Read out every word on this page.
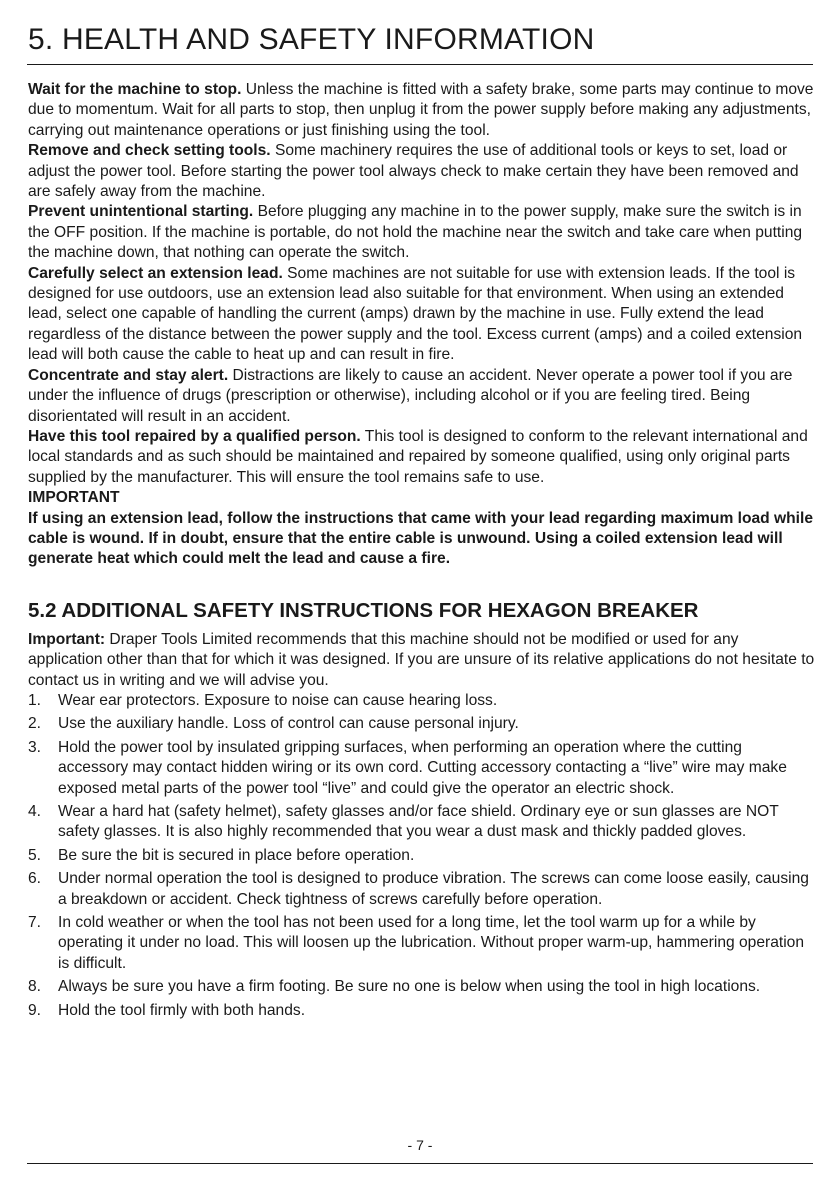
5. HEALTH AND SAFETY INFORMATION

Wait for the machine to stop. Unless the machine is fitted with a safety brake, some parts may continue to move due to momentum. Wait for all parts to stop, then unplug it from the power supply before making any adjustments, carrying out maintenance operations or just finishing using the tool.

Remove and check setting tools. Some machinery requires the use of additional tools or keys to set, load or adjust the power tool. Before starting the power tool always check to make certain they have been removed and are safely away from the machine.

Prevent unintentional starting. Before plugging any machine in to the power supply, make sure the switch is in the OFF position. If the machine is portable, do not hold the machine near the switch and take care when putting the machine down, that nothing can operate the switch.

Carefully select an extension lead. Some machines are not suitable for use with extension leads. If the tool is designed for use outdoors, use an extension lead also suitable for that environment. When using an extended lead, select one capable of handling the current (amps) drawn by the machine in use. Fully extend the lead regardless of the distance between the power supply and the tool. Excess current (amps) and a coiled extension lead will both cause the cable to heat up and can result in fire.

Concentrate and stay alert. Distractions are likely to cause an accident. Never operate a power tool if you are under the influence of drugs (prescription or otherwise), including alcohol or if you are feeling tired. Being disorientated will result in an accident.

Have this tool repaired by a qualified person. This tool is designed to conform to the relevant international and local standards and as such should be maintained and repaired by someone qualified, using only original parts supplied by the manufacturer. This will ensure the tool remains safe to use.

IMPORTANT

If using an extension lead, follow the instructions that came with your lead regarding maximum load while cable is wound. If in doubt, ensure that the entire cable is unwound. Using a coiled extension lead will generate heat which could melt the lead and cause a fire.

5.2 ADDITIONAL SAFETY INSTRUCTIONS FOR HEXAGON BREAKER

Important: Draper Tools Limited recommends that this machine should not be modified or used for any application other than that for which it was designed. If you are unsure of its relative applications do not hesitate to contact us in writing and we will advise you.

1. Wear ear protectors. Exposure to noise can cause hearing loss.
2. Use the auxiliary handle. Loss of control can cause personal injury.
3. Hold the power tool by insulated gripping surfaces, when performing an operation where the cutting accessory may contact hidden wiring or its own cord. Cutting accessory contacting a “live” wire may make exposed metal parts of the power tool “live” and could give the operator an electric shock.
4. Wear a hard hat (safety helmet), safety glasses and/or face shield. Ordinary eye or sun glasses are NOT safety glasses. It is also highly recommended that you wear a dust mask and thickly padded gloves.
5. Be sure the bit is secured in place before operation.
6. Under normal operation the tool is designed to produce vibration. The screws can come loose easily, causing a breakdown or accident. Check tightness of screws carefully before operation.
7. In cold weather or when the tool has not been used for a long time, let the tool warm up for a while by operating it under no load. This will loosen up the lubrication. Without proper warm-up, hammering operation is difficult.
8. Always be sure you have a firm footing. Be sure no one is below when using the tool in high locations.
9. Hold the tool firmly with both hands.
- 7 -
